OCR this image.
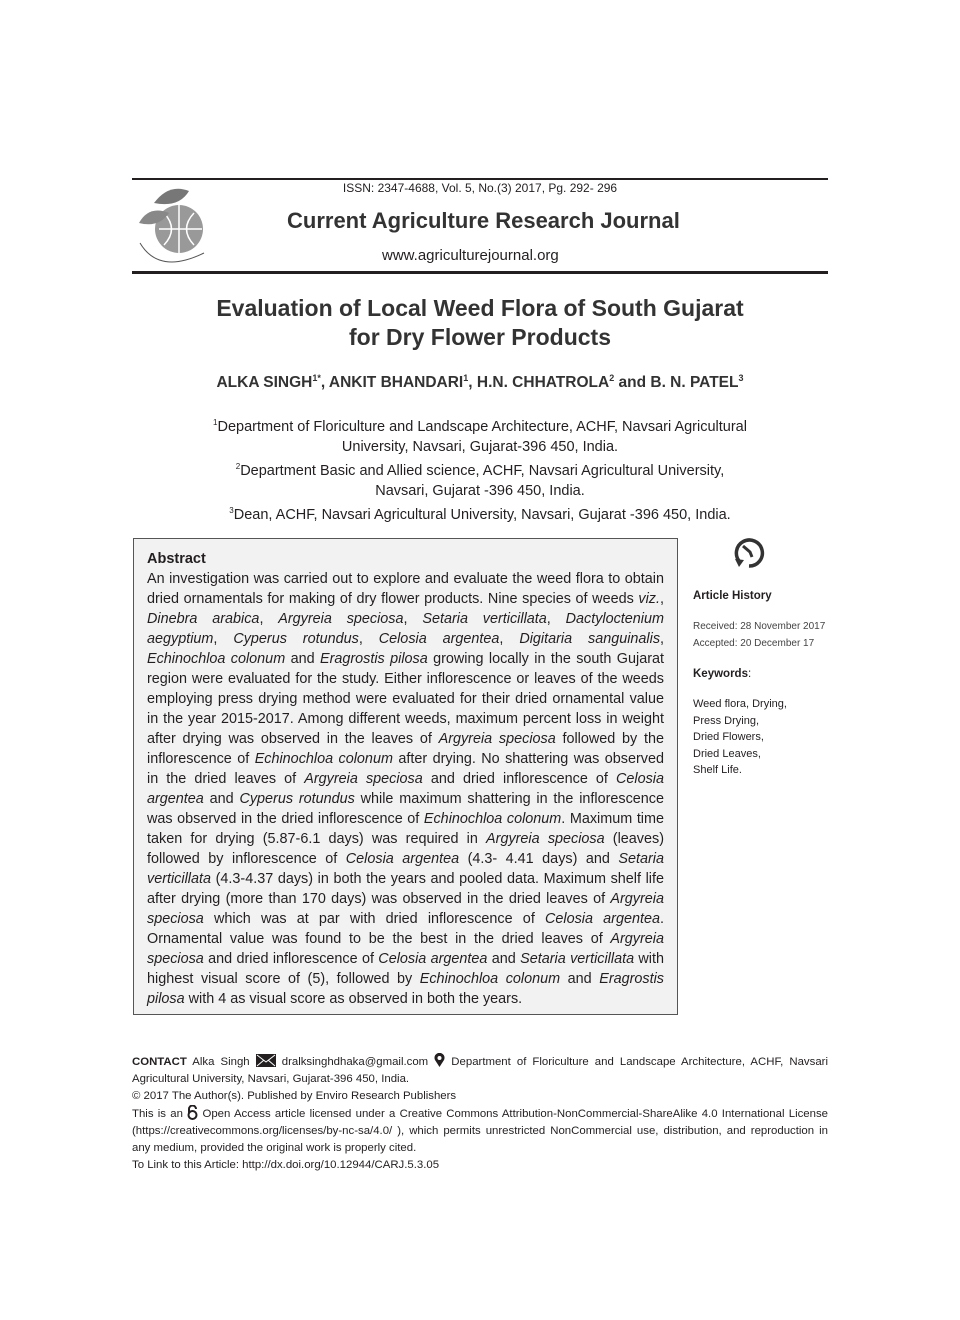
ISSN: 2347-4688, Vol. 5, No.(3) 2017, Pg. 292- 296
Current Agriculture Research Journal
www.agriculturejournal.org
Evaluation of Local Weed Flora of South Gujarat
for Dry Flower Products
ALKA $SINGH^{1*}$, ANKIT BHANDARI$^1$, H.N. CHHATROLA$^2$ and B. N. PATEL$^3$
$^1$Department of Floriculture and Landscape Architecture, ACHF, Navsari Agricultural
University, Navsari, Gujarat-396 450, India.
$^2$Department Basic and Allied science, ACHF, Navsari Agricultural University,
Navsari, Gujarat -396 450, India.
$^3$Dean, ACHF, Navsari Agricultural University, Navsari, Gujarat -396 450, India.
Abstract
An investigation was carried out to explore and evaluate the weed flora to obtain dried ornamentals for making of dry flower products. Nine species of weeds viz., Dinebra arabica, Argyreia speciosa, Setaria verticillata, Dactyloctenium aegyptium, Cyperus rotundus, Celosia argentea, Digitaria sanguinalis, Echinochloa colonum and Eragrostis pilosa growing locally in the south Gujarat region were evaluated for the study. Either inflorescence or leaves of the weeds employing press drying method were evaluated for their dried ornamental value in the year 2015-2017. Among different weeds, maximum percent loss in weight after drying was observed in the leaves of Argyreia speciosa followed by the inflorescence of Echinochloa colonum after drying. No shattering was observed in the dried leaves of Argyreia speciosa and dried inflorescence of Celosia argentea and Cyperus rotundus while maximum shattering in the inflorescence was observed in the dried inflorescence of Echinochloa colonum. Maximum time taken for drying (5.87-6.1 days) was required in Argyreia speciosa (leaves) followed by inflorescence of Celosia argentea (4.3- 4.41 days) and Setaria verticillata (4.3-4.37 days) in both the years and pooled data. Maximum shelf life after drying (more than 170 days) was observed in the dried leaves of Argyreia speciosa which was at par with dried inflorescence of Celosia argentea. Ornamental value was found to be the best in the dried leaves of Argyreia speciosa and dried inflorescence of Celosia argentea and Setaria verticillata with highest visual score of (5), followed by Echinochloa colonum and Eragrostis pilosa with 4 as visual score as observed in both the years.
Article History
Received: 28 November 2017
Accepted: 20 December 17
Keywords:
Weed flora, Drying,
Press Drying,
Dried Flowers,
Dried Leaves,
Shelf Life.
CONTACT Alka Singh  dralksinghdhaka@gmail.com  Department of Floriculture and Landscape Architecture, ACHF, Navsari Agricultural University, Navsari, Gujarat-396 450, India.
© 2017 The Author(s). Published by Enviro Research Publishers
This is an  Open Access article licensed under a Creative Commons Attribution-NonCommercial-ShareAlike 4.0 International License (https://creativecommons.org/licenses/by-nc-sa/4.0/ ), which permits unrestricted NonCommercial use, distribution, and reproduction in any medium, provided the original work is properly cited.
To Link to this Article: http://dx.doi.org/10.12944/CARJ.5.3.05
